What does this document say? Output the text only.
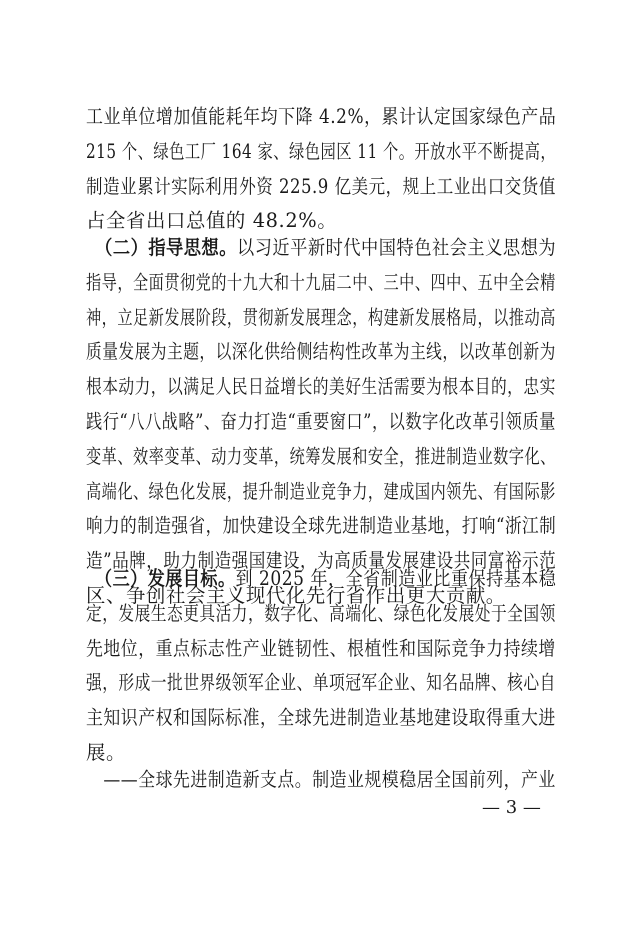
工业单位增加值能耗年均下降 4.2%，累计认定国家绿色产品
215 个、绿色工厂 164 家、绿色园区 11 个。开放水平不断提高，
制造业累计实际利用外资 225.9 亿美元，规上工业出口交货值
占全省出口总值的 48.2%。
　（二）指导思想。以习近平新时代中国特色社会主义思想为
指导，全面贯彻党的十九大和十九届二中、三中、四中、五中全会精
神，立足新发展阶段，贯彻新发展理念，构建新发展格局，以推动高
质量发展为主题，以深化供给侧结构性改革为主线，以改革创新为
根本动力，以满足人民日益增长的美好生活需要为根本目的，忠实
践行“八八战略”、奋力打造“重要窗口”，以数字化改革引领质量
变革、效率变革、动力变革，统筹发展和安全，推进制造业数字化、
高端化、绿色化发展，提升制造业竞争力，建成国内领先、有国际影
响力的制造强省，加快建设全球先进制造业基地，打响“浙江制
造”品牌，助力制造强国建设，为高质量发展建设共同富裕示范
区、争创社会主义现代化先行省作出更大贡献。
　（三）发展目标。到 2025 年，全省制造业比重保持基本稳
定，发展生态更具活力，数字化、高端化、绿色化发展处于全国领
先地位，重点标志性产业链韧性、根植性和国际竞争力持续增
强，形成一批世界级领军企业、单项冠军企业、知名品牌、核心自
主知识产权和国际标准，全球先进制造业基地建设取得重大进
展。
　——全球先进制造新支点。制造业规模稳居全国前列，产业
— 3 —
